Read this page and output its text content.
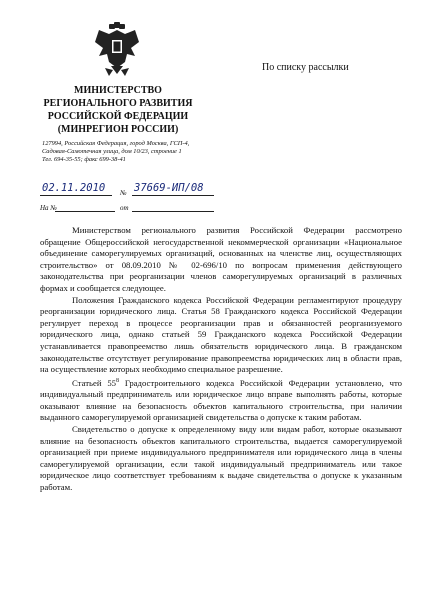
По списку рассылки
МИНИСТЕРСТВО
РЕГИОНАЛЬНОГО РАЗВИТИЯ
РОССИЙСКОЙ ФЕДЕРАЦИИ
(МИНРЕГИОН РОССИИ)
127994, Российская Федерация, город Москва, ГСП-4,
Садовая-Самотечная улица, дом 10/23, строение 1
Тел. 694-35-55; факс 699-38-41
02.11.2010 № 37669-ИП/08
На №	от

Министерством регионального развития Российской Федерации рассмотрено обращение Общероссийской негосударственной некоммерческой организации «Национальное объединение саморегулируемых организаций, основанных на членстве лиц, осуществляющих строительство» от 08.09.2010 № 02-696/10 по вопросам применения действующего законодательства при реорганизации членов саморегулируемых организаций в различных формах и сообщается следующее.

Положения Гражданского кодекса Российской Федерации регламентируют процедуру реорганизации юридического лица. Статья 58 Гражданского кодекса Российской Федерации регулирует переход в процессе реорганизации прав и обязанностей реорганизуемого юридического лица, однако статьей 59 Гражданского кодекса Российской Федерации устанавливается правопреемство лишь обязательств юридического лица. В гражданском законодательстве отсутствует регулирование правопреемства юридических лиц в области прав, на осуществление которых необходимо специальное разрешение.

Статьей $55^8$ Градостроительного кодекса Российской Федерации установлено, что индивидуальный предприниматель или юридическое лицо вправе выполнять работы, которые оказывают влияние на безопасность объектов капитального строительства, при наличии выданного саморегулируемой организацией свидетельства о допуске к таким работам.

Свидетельство о допуске к определенному виду или видам работ, которые оказывают влияние на безопасность объектов капитального строительства, выдается саморегулируемой организацией при приеме индивидуального предпринимателя или юридического лица в члены саморегулируемой организации, если такой индивидуальный предприниматель или такое юридическое лицо соответствует требованиям к выдаче свидетельства о допуске к указанным работам.
